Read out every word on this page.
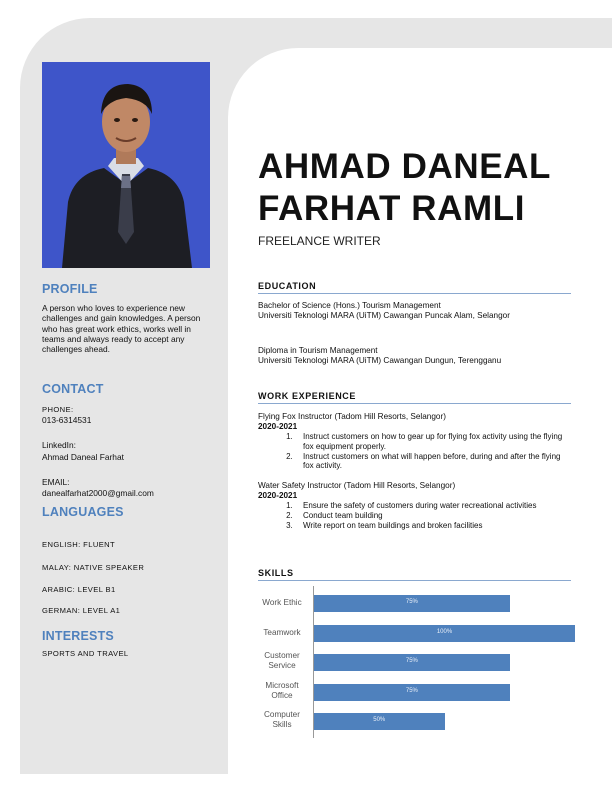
PROFILE
A person who loves to experience new challenges and gain knowledges. A person who has great work ethics, works well in teams and always ready to accept any challenges ahead.
CONTACT
PHONE:
013-6314531
LinkedIn:
Ahmad Daneal Farhat
EMAIL:
danealfarhat2000@gmail.com
LANGUAGES
ENGLISH: FLUENT
MALAY: NATIVE SPEAKER
ARABIC: LEVEL B1
GERMAN: LEVEL A1
INTERESTS
SPORTS AND TRAVEL
AHMAD DANEAL
FARHAT RAMLI
FREELANCE WRITER
EDUCATION
Bachelor of Science (Hons.) Tourism Management
Universiti Teknologi MARA (UiTM) Cawangan Puncak Alam, Selangor
Diploma in Tourism Management
Universiti Teknologi MARA (UiTM) Cawangan Dungun, Terengganu
WORK EXPERIENCE
Flying Fox Instructor (Tadom Hill Resorts, Selangor)
2020-2021
1. Instruct customers on how to gear up for flying fox activity using the flying fox equipment properly.
2. Instruct customers on what will happen before, during and after the flying fox activity.
Water Safety Instructor (Tadom Hill Resorts, Selangor)
2020-2021
1. Ensure the safety of customers during water recreational activities
2. Conduct team building
3. Write report on team buildings and broken facilities
SKILLS
Work Ethic	75%
Teamwork	100%
Customer Service	75%
Microsoft Office	75%
Computer Skills	50%
